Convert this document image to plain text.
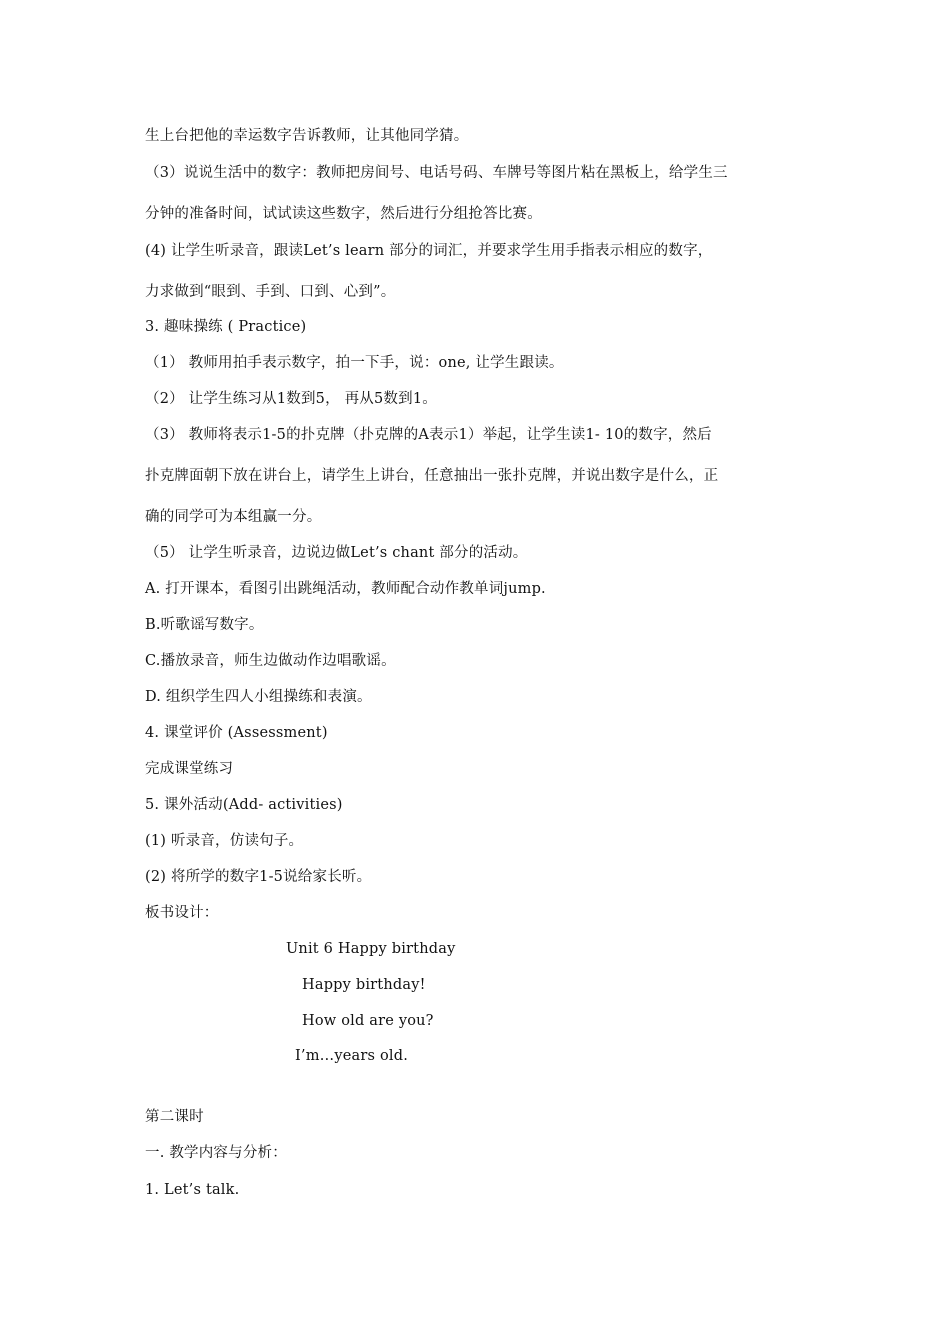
生上台把他的幸运数字告诉教师，让其他同学猜。
（3）说说生活中的数字：教师把房间号、电话号码、车牌号等图片粘在黑板上，给学生三
分钟的准备时间，试试读这些数字，然后进行分组抢答比赛。
(4) 让学生听录音，跟读Let’s learn 部分的词汇，并要求学生用手指表示相应的数字，
力求做到“眼到、手到、口到、心到”。
3. 趣味操练 ( Practice)
（1） 教师用拍手表示数字，拍一下手，说：one, 让学生跟读。
（2） 让学生练习从1数到5， 再从5数到1。
（3） 教师将表示1-5的扑克牌（扑克牌的A表示1）举起，让学生读1- 10的数字，然后
扑克牌面朝下放在讲台上，请学生上讲台，任意抽出一张扑克牌，并说出数字是什么，正
确的同学可为本组赢一分。
（5） 让学生听录音，边说边做Let’s chant 部分的活动。
A. 打开课本，看图引出跳绳活动，教师配合动作教单词jump.
B.听歌谣写数字。
C.播放录音，师生边做动作边唱歌谣。
D. 组织学生四人小组操练和表演。
4. 课堂评价 (Assessment)
完成课堂练习
5. 课外活动(Add- activities)
(1) 听录音，仿读句子。
(2) 将所学的数字1-5说给家长听。
板书设计：
Unit 6 Happy birthday
Happy birthday!
How old are you?
I’m…years old.
第二课时
一. 教学内容与分析：
1. Let’s talk.
